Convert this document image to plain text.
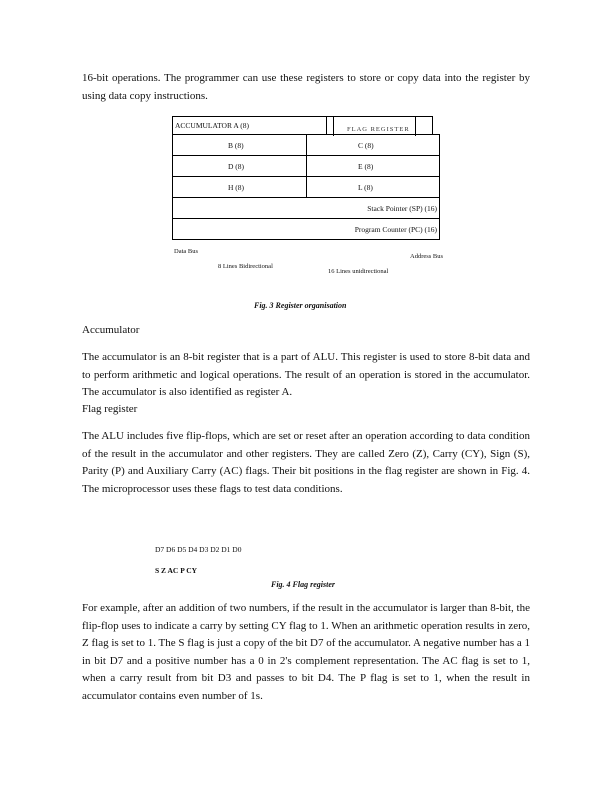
16-bit operations. The programmer can use these registers to store or copy data into the register by using data copy instructions.
ACCUMULATOR A (8)	FLAG REGISTER
B (8)	C (8)
D (8)	E (8)
H (8)	L (8)
Stack Pointer (SP) (16)
Program Counter (PC) (16)
Data Bus
Address Bus
8 Lines Bidirectional
16 Lines unidirectional
Fig. 3 Register organisation
Accumulator
The accumulator is an 8-bit register that is a part of ALU. This register is used to store 8-bit data and to perform arithmetic and logical operations. The result of an operation is stored in the accumulator. The accumulator is also identified as register A.
Flag register
The ALU includes five flip-flops, which are set or reset after an operation according to data condition of the result in the accumulator and other registers. They are called Zero (Z), Carry (CY), Sign (S), Parity (P) and Auxiliary Carry (AC) flags. Their bit positions in the flag register are shown in Fig. 4. The microprocessor uses these flags to test data conditions.
D7 D6 D5 D4 D3 D2 D1 D0
S Z AC P CY
Fig. 4 Flag register
For example, after an addition of two numbers, if the result in the accumulator is larger than 8-bit, the flip-flop uses to indicate a carry by setting CY flag to 1. When an arithmetic operation results in zero, Z flag is set to 1. The S flag is just a copy of the bit D7 of the accumulator. A negative number has a 1 in bit D7 and a positive number has a 0 in 2's complement representation. The AC flag is set to 1, when a carry result from bit D3 and passes to bit D4. The P flag is set to 1, when the result in accumulator contains even number of 1s.
